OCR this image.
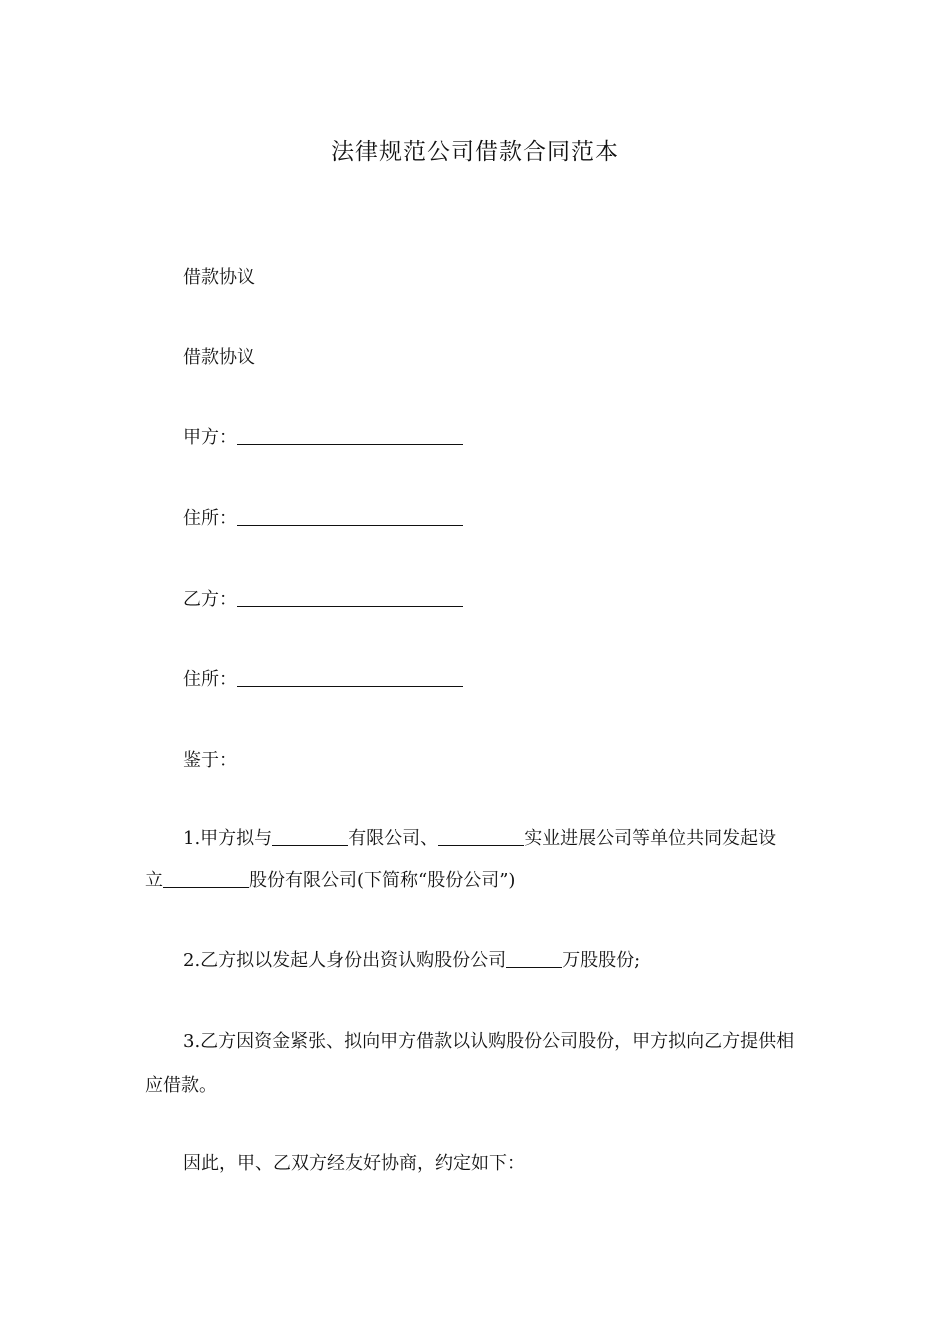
法律规范公司借款合同范本
借款协议
借款协议
甲方：
住所：
乙方：
住所：
鉴于：
1.甲方拟与	有限公司、	实业进展公司等单位共同发起设
立	股份有限公司(下简称“股份公司”)
2.乙方拟以发起人身份出资认购股份公司	万股股份;
3.乙方因资金紧张、拟向甲方借款以认购股份公司股份，甲方拟向乙方提供相应借款。
因此，甲、乙双方经友好协商，约定如下：
